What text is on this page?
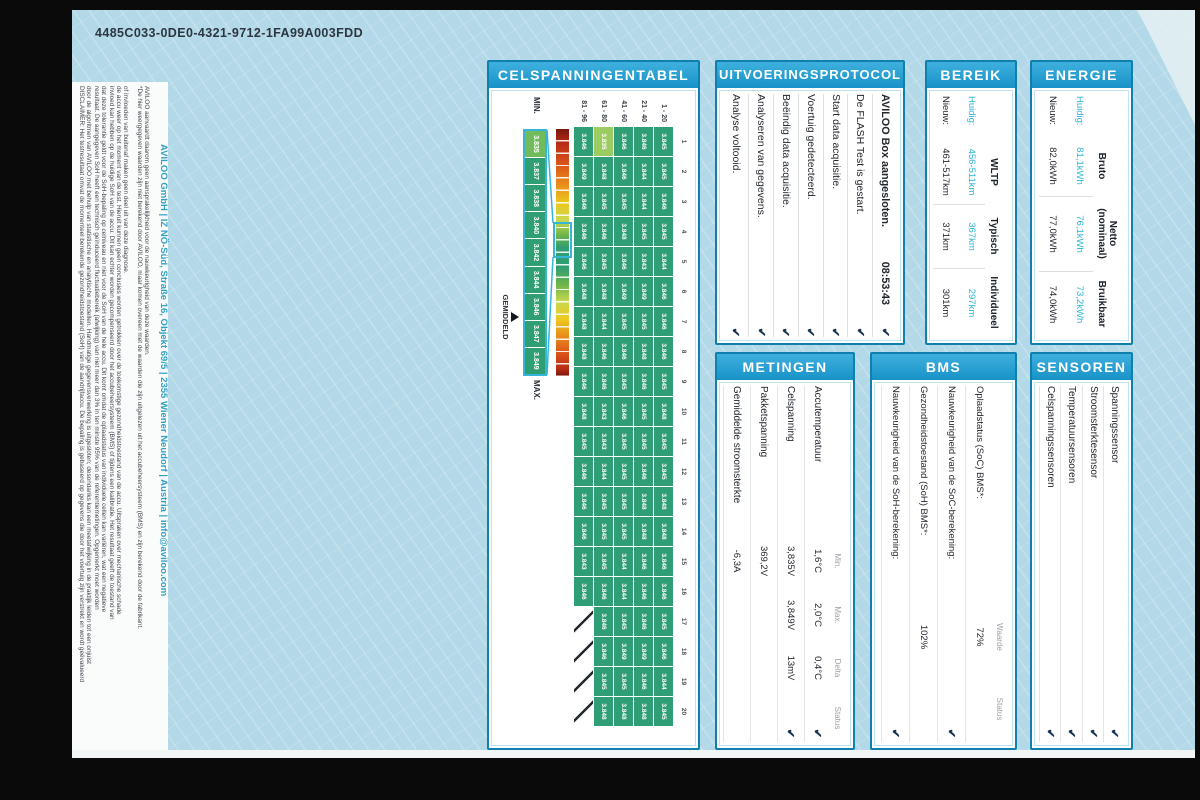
4485C033-0DE0-4321-9712-1FA99A003FDD
DISCLAIMER: Het testresultaat omvat de momenteel berekende gezondheidstoestand (SoH) van de aandrijfaccu. De bepaling is gebaseerd op gegevens die door het voertuig zijn verstrekt en wordt geëvalueerd door de algoritmen van AVILOO met behulp van statistische en analytische modellen. Handmatige gegevensverwerking is uitgesloten; desondanks kan een meetafwijking in de praktijk leiden tot een onjuist resultaat. De aangegeven SoH heeft een technisch geïnduceerd fluctuatiebereik (afwijking) van niet meer dan 3% in ten minste 95% van de referentiemetingen. Opgemerkt moet worden dat deze tolerantie geldt voor de SoH-bepaling op celniveau en niet voor de SoH van de hele accu. Dit komt omdat de oplaadstatus van individuele cellen kan variëren, wat een negatieve invloed kan hebben op de huidige SoH van de accu. Dit kan echter worden gecompenseerd door het accubeheersysteem (BMS) of tijdens een kalibratie. Het resultaat geeft de toestand van de accu weer op het moment van de test. Hieruit kunnen geen conclusies worden getrokken over de toekomstige gezondheidstoestand van de accu. Uitspraken over mechanische schade of invloeden van buitenaf maken geen deel uit van deze diagnose. *De hier weergegeven waarden zijn niet berekend door AVILOO, maar komen overeen met de waarden die zijn uitgelezen uit het accubeheersysteem (BMS) en zijn berekend door de fabrikant. AVILOO aanvaardt daarom geen aansprakelijkheid voor de nauwkeurigheid van deze waarden. AVILOO GmbH | IZ NÖ-Süd, Straße 16, Objekt 69/5 | 2355 Wiener Neudorf | Austria | info@aviloo.com
CELSPANNINGENTABEL
1
2
3
4
5
6
7
8
9
10
11
12
13
14
15
16
17
18
19
20
1 - 20
3.845
3.845
3.846
3.845
3.844
3.846
3.846
3.846
3.845
3.848
3.845
3.845
3.848
3.848
3.846
3.846
3.845
3.846
3.844
3.845
21 - 40
3.846
3.844
3.844
3.845
3.843
3.849
3.845
3.848
3.846
3.845
3.845
3.846
3.848
3.848
3.846
3.846
3.846
3.849
3.846
3.848
41 - 60
3.846
3.846
3.845
3.848
3.846
3.849
3.845
3.846
3.845
3.846
3.845
3.845
3.845
3.845
3.844
3.844
3.845
3.849
3.845
3.848
61 - 80
3.835
3.848
3.845
3.846
3.845
3.848
3.844
3.846
3.846
3.843
3.843
3.844
3.845
3.845
3.845
3.846
3.846
3.846
3.845
3.848
81 - 96
3.846
3.849
3.846
3.846
3.846
3.848
3.848
3.848
3.846
3.848
3.845
3.846
3.846
3.846
3.843
3.846
3.835
3.837
3.838
3.840
3.842
3.844
3.846
3.847
3.849
MIN.
MAX.
GEMIDDELD
UITVOERINGSPROTOCOL
AVILOO Box aangesloten.
08:53:43
✔
De FLASH Test is gestart.
✔
Start data acquisitie.
✔
Voertuig gedetecteerd.
✔
Beëindig data acquisitie.
✔
Analyseren van gegevens.
✔
Analyse voltooid.
✔
BEREIK
WLTP
Typisch
Individueel
Huidig:
456-511km
367km
297km
Nieuw:
461-517km
371km
301km
ENERGIE
Bruto
Netto (nominaal)
Bruikbaar
Huidig:
81,1kWh
76,1kWh
73,2kWh
Nieuw:
82,0kWh
77,0kWh
74,0kWh
METINGEN
Min.
Max.
Delta
Status
Accutemperatuur
1,6°C
2,0°C
0,4°C
✔
Celspanning
3,835V
3,849V
13mV
✔
Pakketspanning
369,2V
Gemiddelde stroomsterkte
-6,3A
BMS
Waarde
Status
Oplaadstatus (SoC) BMS*:
72%
Nauwkeurigheid van de SoC-berekening:
✔
Gezondheidstoestand (SoH) BMS*:
102%
Nauwkeurigheid van de SoH-berekening:
✔
SENSOREN
Spanningssensor
✔
Stroomsterktesensor
✔
Temperatuursensoren
✔
Celspanningssensoren
✔
